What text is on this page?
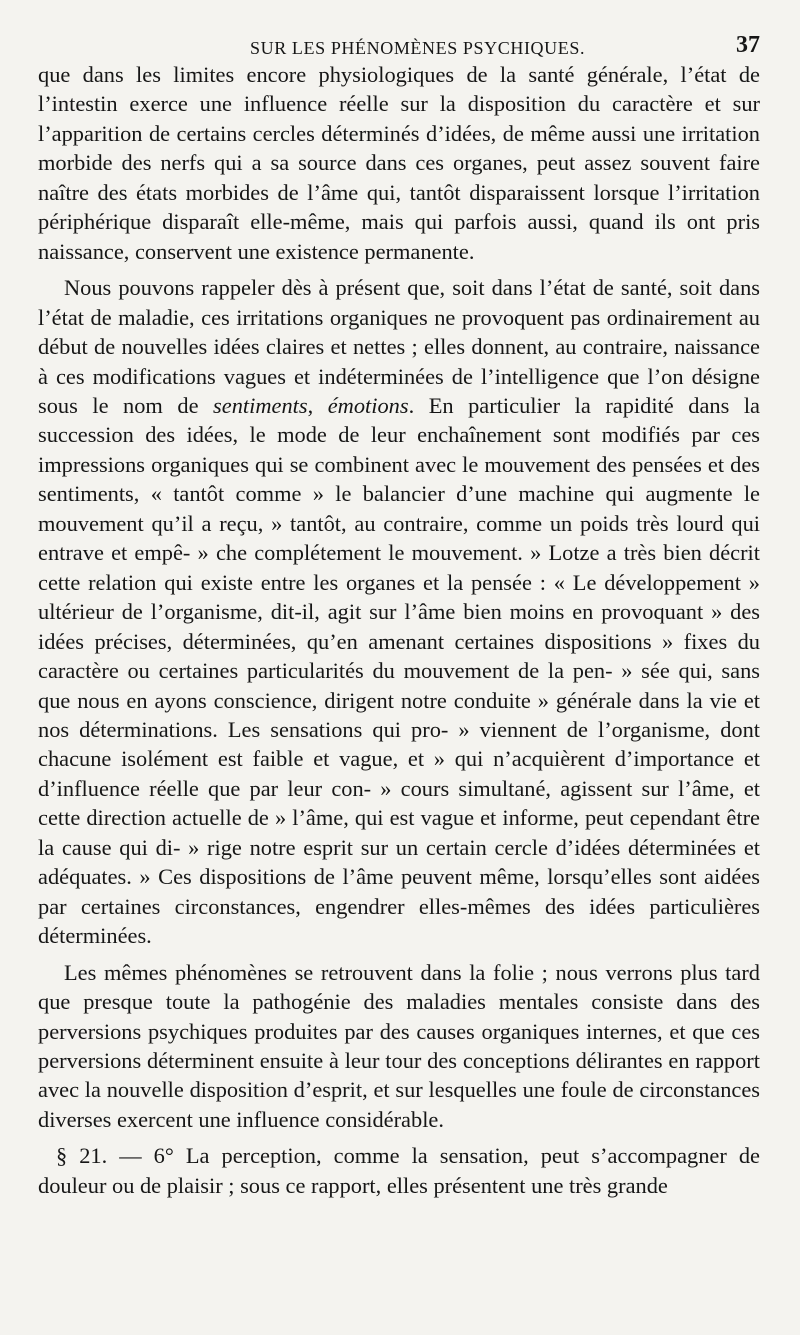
SUR LES PHÉNOMÈNES PSYCHIQUES.	37

que dans les limites encore physiologiques de la santé générale, l’état de l’intestin exerce une influence réelle sur la disposition du caractère et sur l’apparition de certains cercles déterminés d’idées, de même aussi une irritation morbide des nerfs qui a sa source dans ces organes, peut assez souvent faire naître des états morbides de l’âme qui, tantôt disparaissent lorsque l’irritation périphérique disparaît elle-même, mais qui parfois aussi, quand ils ont pris naissance, conservent une existence permanente.

Nous pouvons rappeler dès à présent que, soit dans l’état de santé, soit dans l’état de maladie, ces irritations organiques ne provoquent pas ordinairement au début de nouvelles idées claires et nettes ; elles donnent, au contraire, naissance à ces modifications vagues et indéterminées de l’intelligence que l’on désigne sous le nom de sentiments, émotions. En particulier la rapidité dans la succession des idées, le mode de leur enchaînement sont modifiés par ces impressions organiques qui se combinent avec le mouvement des pensées et des sentiments, « tantôt comme » le balancier d’une machine qui augmente le mouvement qu’il a reçu, » tantôt, au contraire, comme un poids très lourd qui entrave et empê- » che complétement le mouvement. » Lotze a très bien décrit cette relation qui existe entre les organes et la pensée : « Le développement » ultérieur de l’organisme, dit-il, agit sur l’âme bien moins en provoquant » des idées précises, déterminées, qu’en amenant certaines dispositions » fixes du caractère ou certaines particularités du mouvement de la pen- » sée qui, sans que nous en ayons conscience, dirigent notre conduite » générale dans la vie et nos déterminations. Les sensations qui pro- » viennent de l’organisme, dont chacune isolément est faible et vague, et » qui n’acquièrent d’importance et d’influence réelle que par leur con- » cours simultané, agissent sur l’âme, et cette direction actuelle de » l’âme, qui est vague et informe, peut cependant être la cause qui di- » rige notre esprit sur un certain cercle d’idées déterminées et adéquates. » Ces dispositions de l’âme peuvent même, lorsqu’elles sont aidées par certaines circonstances, engendrer elles-mêmes des idées particulières déterminées.

Les mêmes phénomènes se retrouvent dans la folie ; nous verrons plus tard que presque toute la pathogénie des maladies mentales consiste dans des perversions psychiques produites par des causes organiques internes, et que ces perversions déterminent ensuite à leur tour des conceptions délirantes en rapport avec la nouvelle disposition d’esprit, et sur lesquelles une foule de circonstances diverses exercent une influence considérable.

§ 21. — 6° La perception, comme la sensation, peut s’accompagner de douleur ou de plaisir ; sous ce rapport, elles présentent une très grande
